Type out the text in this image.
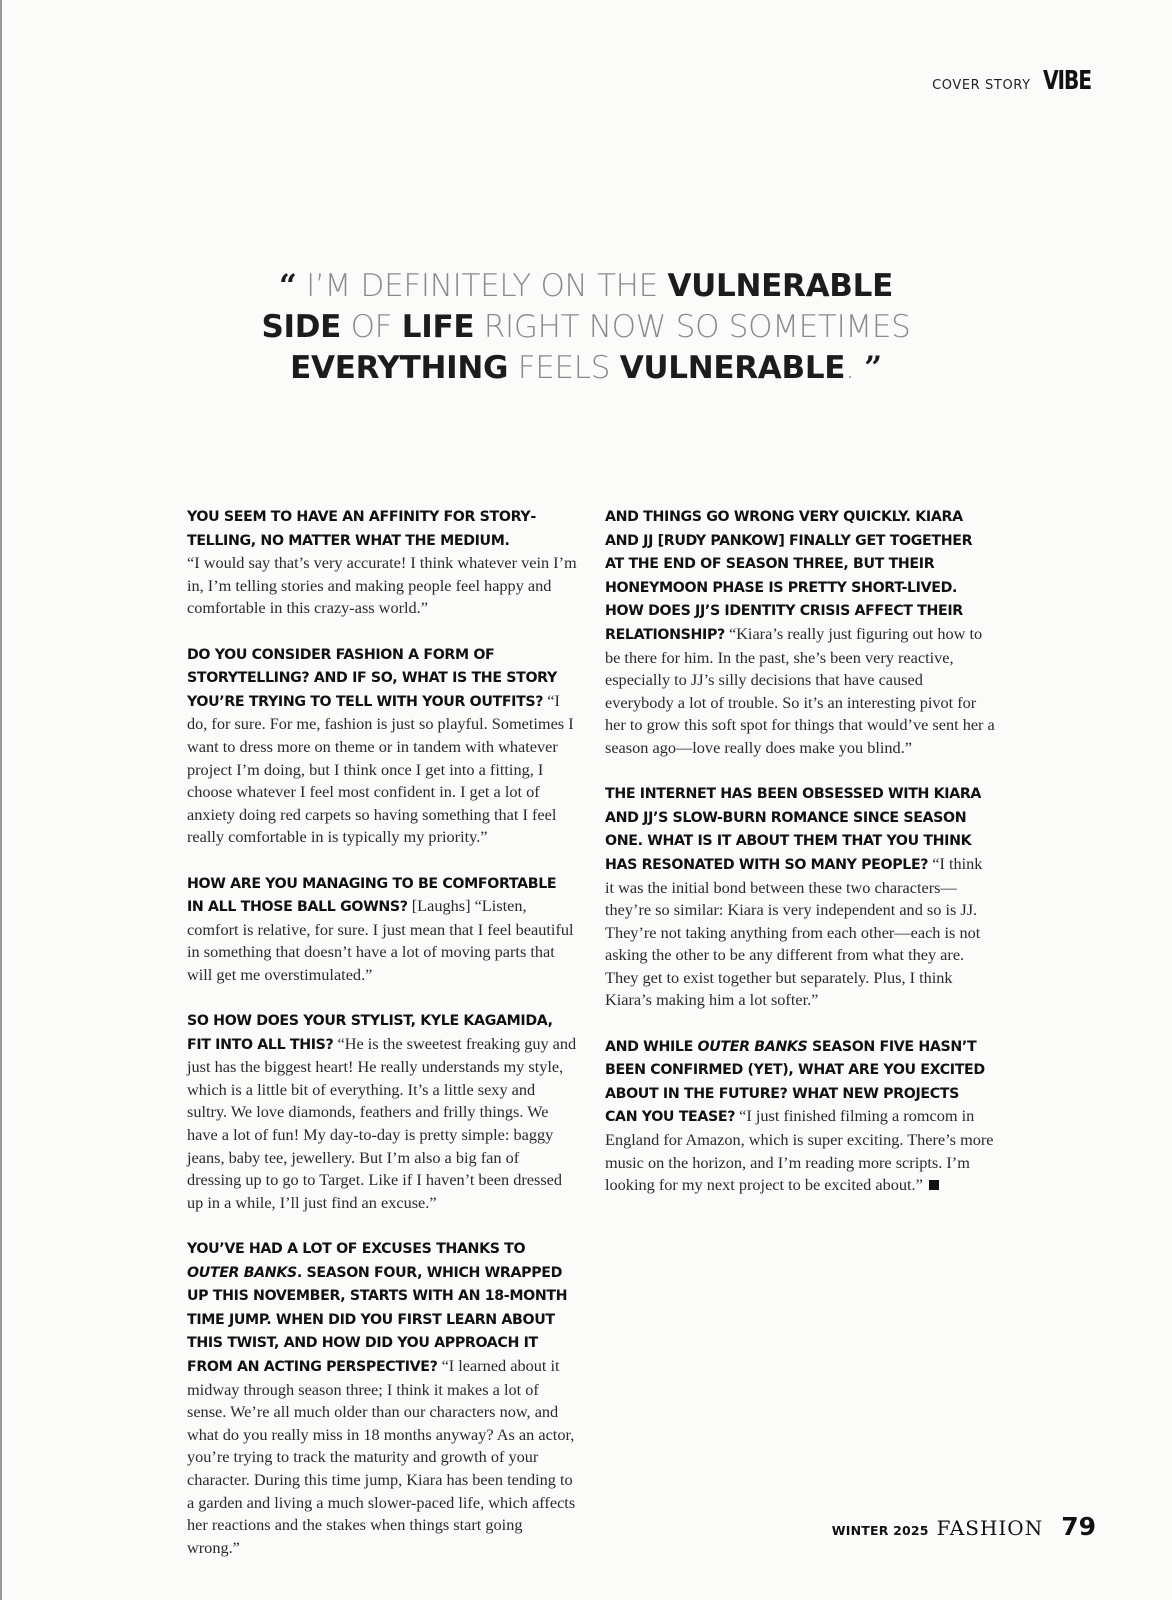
COVER STORY VIBE
“ I’M DEFINITELY ON THE VULNERABLE
SIDE OF LIFE RIGHT NOW SO SOMETIMES
EVERYTHING FEELS VULNERABLE. ”

YOU SEEM TO HAVE AN AFFINITY FOR STORYTELLING, NO MATTER WHAT THE MEDIUM.
“I would say that’s very accurate! I think whatever vein I’m in, I’m telling stories and making people feel happy and comfortable in this crazy-ass world.”

DO YOU CONSIDER FASHION A FORM OF STORYTELLING? AND IF SO, WHAT IS THE STORY YOU’RE TRYING TO TELL WITH YOUR OUTFITS? “I do, for sure. For me, fashion is just so playful. Sometimes I want to dress more on theme or in tandem with whatever project I’m doing, but I think once I get into a fitting, I choose whatever I feel most confident in. I get a lot of anxiety doing red carpets so having something that I feel really comfortable in is typically my priority.”

HOW ARE YOU MANAGING TO BE COMFORTABLE IN ALL THOSE BALL GOWNS? [Laughs] “Listen, comfort is relative, for sure. I just mean that I feel beautiful in something that doesn’t have a lot of moving parts that will get me overstimulated.”

SO HOW DOES YOUR STYLIST, KYLE KAGAMIDA, FIT INTO ALL THIS? “He is the sweetest freaking guy and just has the biggest heart! He really understands my style, which is a little bit of everything. It’s a little sexy and sultry. We love diamonds, feathers and frilly things. We have a lot of fun! My day-to-day is pretty simple: baggy jeans, baby tee, jewellery. But I’m also a big fan of dressing up to go to Target. Like if I haven’t been dressed up in a while, I’ll just find an excuse.”

YOU’VE HAD A LOT OF EXCUSES THANKS TO OUTER BANKS. SEASON FOUR, WHICH WRAPPED UP THIS NOVEMBER, STARTS WITH AN 18-MONTH TIME JUMP. WHEN DID YOU FIRST LEARN ABOUT THIS TWIST, AND HOW DID YOU APPROACH IT FROM AN ACTING PERSPECTIVE? “I learned about it midway through season three; I think it makes a lot of sense. We’re all much older than our characters now, and what do you really miss in 18 months anyway? As an actor, you’re trying to track the maturity and growth of your character. During this time jump, Kiara has been tending to a garden and living a much slower-paced life, which affects her reactions and the stakes when things start going wrong.”

AND THINGS GO WRONG VERY QUICKLY. KIARA AND JJ [RUDY PANKOW] FINALLY GET TOGETHER AT THE END OF SEASON THREE, BUT THEIR HONEYMOON PHASE IS PRETTY SHORT-LIVED. HOW DOES JJ’S IDENTITY CRISIS AFFECT THEIR RELATIONSHIP? “Kiara’s really just figuring out how to be there for him. In the past, she’s been very reactive, especially to JJ’s silly decisions that have caused everybody a lot of trouble. So it’s an interesting pivot for her to grow this soft spot for things that would’ve sent her a season ago—love really does make you blind.”

THE INTERNET HAS BEEN OBSESSED WITH KIARA AND JJ’S SLOW-BURN ROMANCE SINCE SEASON ONE. WHAT IS IT ABOUT THEM THAT YOU THINK HAS RESONATED WITH SO MANY PEOPLE? “I think it was the initial bond between these two characters—they’re so similar: Kiara is very independent and so is JJ. They’re not taking anything from each other—each is not asking the other to be any different from what they are. They get to exist together but separately. Plus, I think Kiara’s making him a lot softer.”

AND WHILE OUTER BANKS SEASON FIVE HASN’T BEEN CONFIRMED (YET), WHAT ARE YOU EXCITED ABOUT IN THE FUTURE? WHAT NEW PROJECTS CAN YOU TEASE? “I just finished filming a romcom in England for Amazon, which is super exciting. There’s more music on the horizon, and I’m reading more scripts. I’m looking for my next project to be excited about.”

WINTER 2025 FASHION 79
